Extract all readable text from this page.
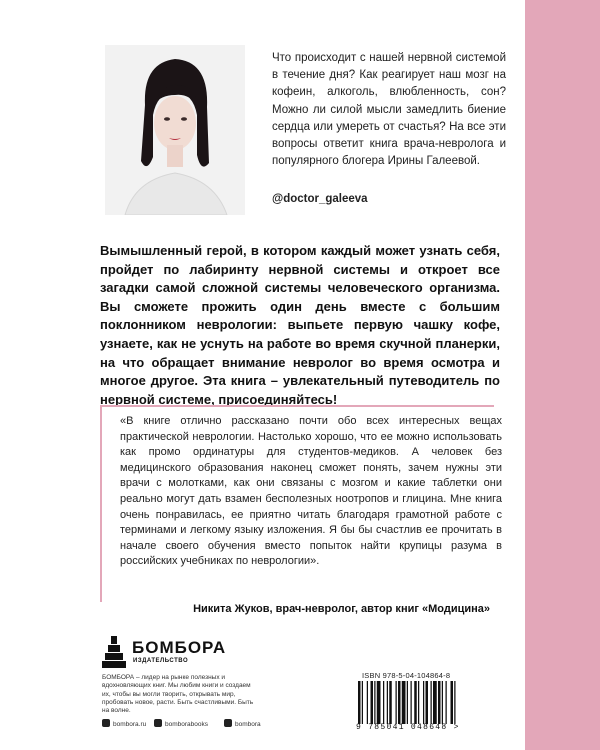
Что происходит с нашей нервной системой в течение дня? Как реагирует наш мозг на кофеин, алкоголь, влюбленность, сон? Можно ли силой мысли замедлить биение сердца или умереть от счастья? На все эти вопросы ответит книга врача-невролога и популярного блогера Ирины Галеевой.
@doctor_galeeva
Вымышленный герой, в котором каждый может узнать себя, пройдет по лабиринту нервной системы и откроет все загадки самой сложной системы человеческого организма. Вы сможете прожить один день вместе с большим поклонником неврологии: выпьете первую чашку кофе, узнаете, как не уснуть на работе во время скучной планерки, на что обращает внимание невролог во время осмотра и многое другое. Эта книга – увлекательный путеводитель по нервной системе, присоединяйтесь!
«В книге отлично рассказано почти обо всех интересных вещах практической неврологии. Настолько хорошо, что ее можно использовать как промо ординатуры для студентов-медиков. А человек без медицинского образования наконец сможет понять, зачем нужны эти врачи с молотками, как они связаны с мозгом и какие таблетки они реально могут дать взамен бесполезных ноотропов и глицина. Мне книга очень понравилась, ее приятно читать благодаря грамотной работе с терминами и легкому языку изложения. Я бы бы счастлив ее прочитать в начале своего обучения вместо попыток найти крупицы разума в российских учебниках по неврологии».
Никита Жуков, врач-невролог, автор книг «Модицина»
БОМБОРА
ИЗДАТЕЛЬСТВО
БОМБОРА – лидер на рынке полезных и вдохновляющих книг. Мы любим книги и создаем их, чтобы вы могли творить, открывать мир, пробовать новое, расти. Быть счастливыми. Быть на волне.
bombora.ru	bomborabooks	bombora
ISBN 978-5-04-104864-8
9 785041 048648 >
